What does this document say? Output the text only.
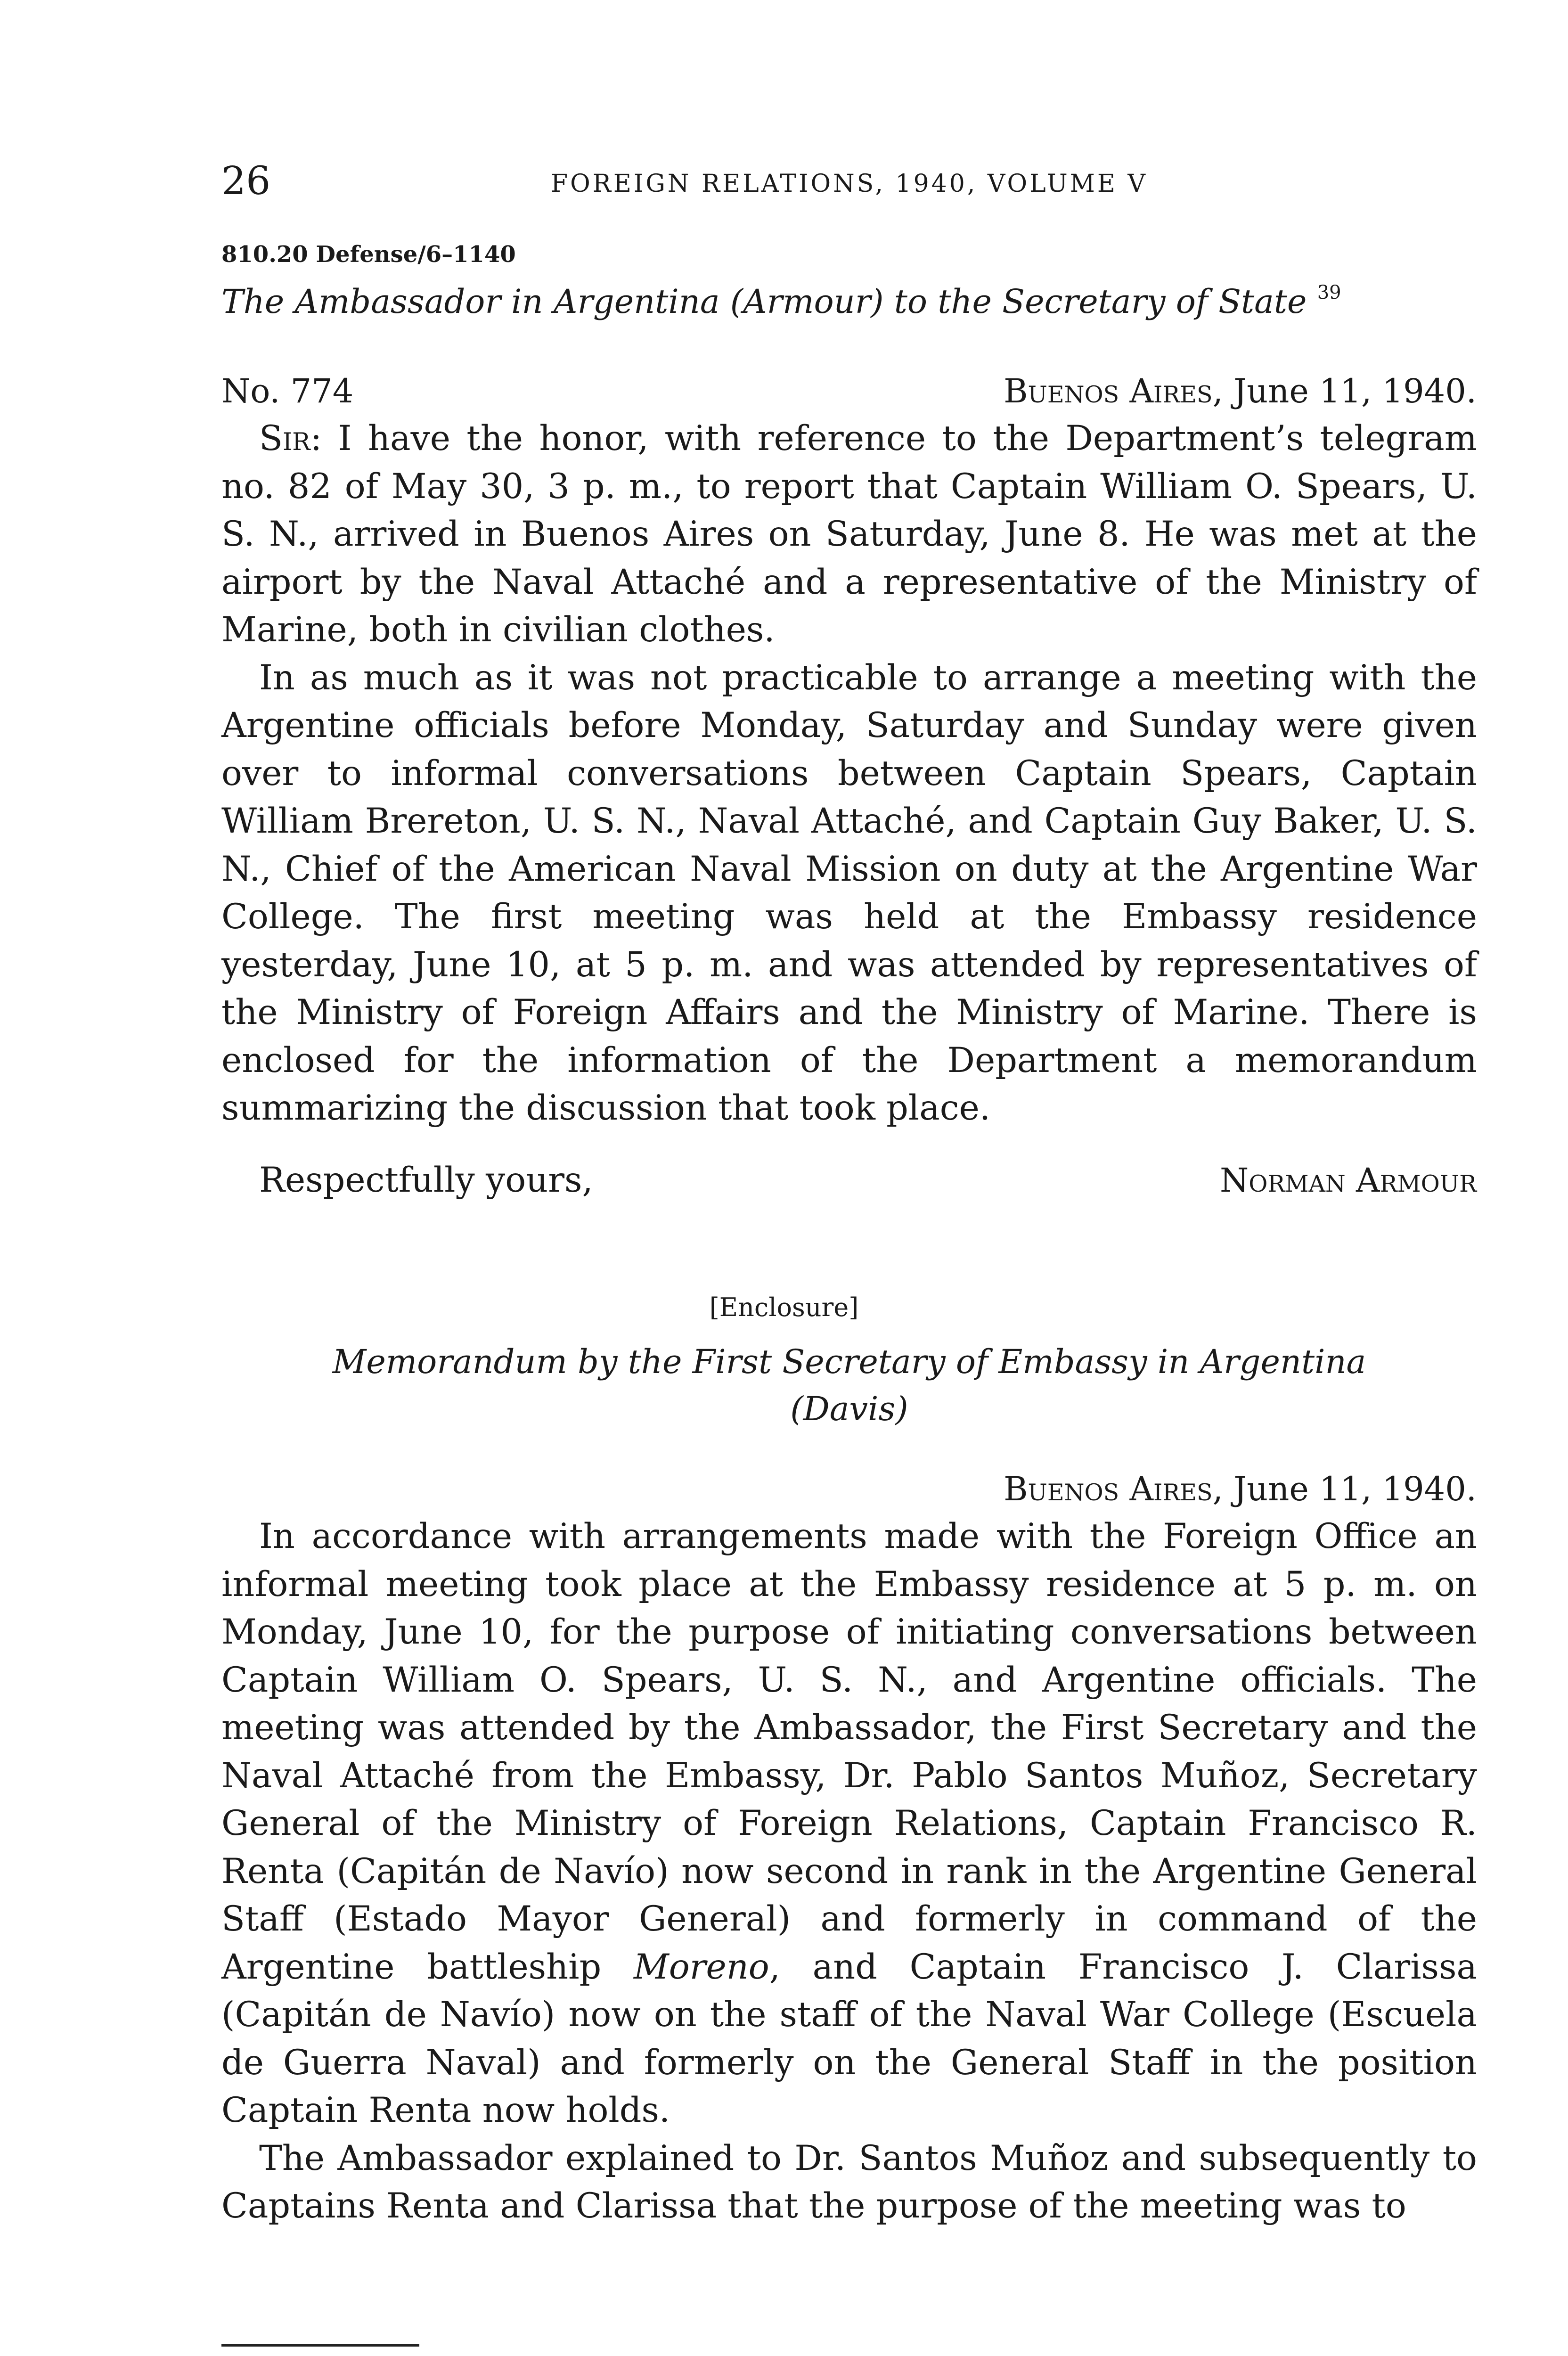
26	FOREIGN RELATIONS, 1940, VOLUME V
810.20 Defense/6–1140
The Ambassador in Argentina (Armour) to the Secretary of State $^{39}$
No. 774	Buenos Aires, June 11, 1940.

Sir: I have the honor, with reference to the Department’s telegram no. 82 of May 30, 3 p. m., to report that Captain William O. Spears, U. S. N., arrived in Buenos Aires on Saturday, June 8. He was met at the airport by the Naval Attaché and a representative of the Ministry of Marine, both in civilian clothes.

In as much as it was not practicable to arrange a meeting with the Argentine officials before Monday, Saturday and Sunday were given over to informal conversations between Captain Spears, Captain William Brereton, U. S. N., Naval Attaché, and Captain Guy Baker, U. S. N., Chief of the American Naval Mission on duty at the Argentine War College. The first meeting was held at the Embassy residence yesterday, June 10, at 5 p. m. and was attended by representatives of the Ministry of Foreign Affairs and the Ministry of Marine. There is enclosed for the information of the Department a memorandum summarizing the discussion that took place.

Respectfully yours,	Norman Armour
[Enclosure]
Memorandum by the First Secretary of Embassy in Argentina
(Davis)
Buenos Aires, June 11, 1940.

In accordance with arrangements made with the Foreign Office an informal meeting took place at the Embassy residence at 5 p. m. on Monday, June 10, for the purpose of initiating conversations between Captain William O. Spears, U. S. N., and Argentine officials. The meeting was attended by the Ambassador, the First Secretary and the Naval Attaché from the Embassy, Dr. Pablo Santos Muñoz, Secretary General of the Ministry of Foreign Relations, Captain Francisco R. Renta (Capitán de Navío) now second in rank in the Argentine General Staff (Estado Mayor General) and formerly in command of the Argentine battleship Moreno, and Captain Francisco J. Clarissa (Capitán de Navío) now on the staff of the Naval War College (Escuela de Guerra Naval) and formerly on the General Staff in the position Captain Renta now holds.

The Ambassador explained to Dr. Santos Muñoz and subsequently to Captains Renta and Clarissa that the purpose of the meeting was to
